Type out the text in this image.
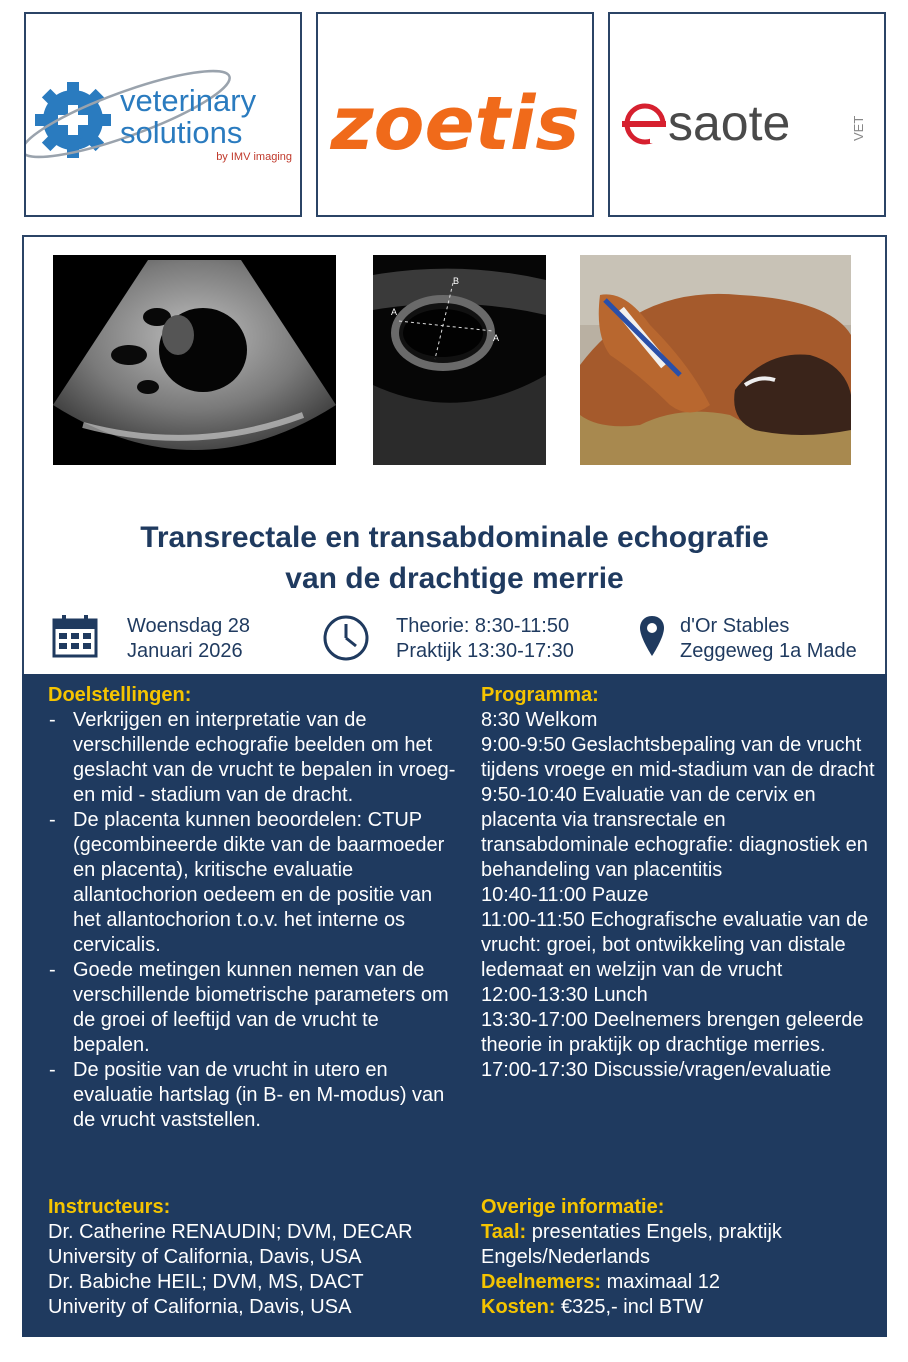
veterinary
solutions
by IMV imaging zoetis saote	VET
A
A
B
Transrectale en transabdominale echografie
van de drachtige merrie
Woensdag 28
Januari 2026
Theorie: 8:30-11:50
Praktijk 13:30-17:30
d'Or Stables
Zeggeweg 1a Made
Doelstellingen:
- Verkrijgen en interpretatie van de verschillende echografie beelden om het geslacht van de vrucht te bepalen in vroeg- en mid - stadium van de dracht.
- De placenta kunnen beoordelen: CTUP (gecombineerde dikte van de baarmoeder en placenta), kritische evaluatie allantochorion oedeem en de positie van het allantochorion t.o.v. het interne os cervicalis.
- Goede metingen kunnen nemen van de verschillende biometrische parameters om de groei of leeftijd van de vrucht te bepalen.
- De positie van de vrucht in utero en evaluatie hartslag (in B- en M-modus) van de vrucht vaststellen.
Programma:
8:30 Welkom
9:00-9:50 Geslachtsbepaling van de vrucht tijdens vroege en mid-stadium van de dracht
9:50-10:40 Evaluatie van de cervix en placenta via transrectale en transabdominale echografie: diagnostiek en behandeling van placentitis
10:40-11:00 Pauze
11:00-11:50 Echografische evaluatie van de vrucht: groei, bot ontwikkeling van distale ledemaat en welzijn van de vrucht
12:00-13:30 Lunch
13:30-17:00 Deelnemers brengen geleerde theorie in praktijk op drachtige merries.
17:00-17:30 Discussie/vragen/evaluatie
Instructeurs:
Dr. Catherine RENAUDIN; DVM, DECAR
University of California, Davis, USA
Dr. Babiche HEIL; DVM, MS, DACT
Univerity of California, Davis, USA
Overige informatie:
Taal: presentaties Engels, praktijk Engels/Nederlands
Deelnemers: maximaal 12
Kosten: €325,- incl BTW
